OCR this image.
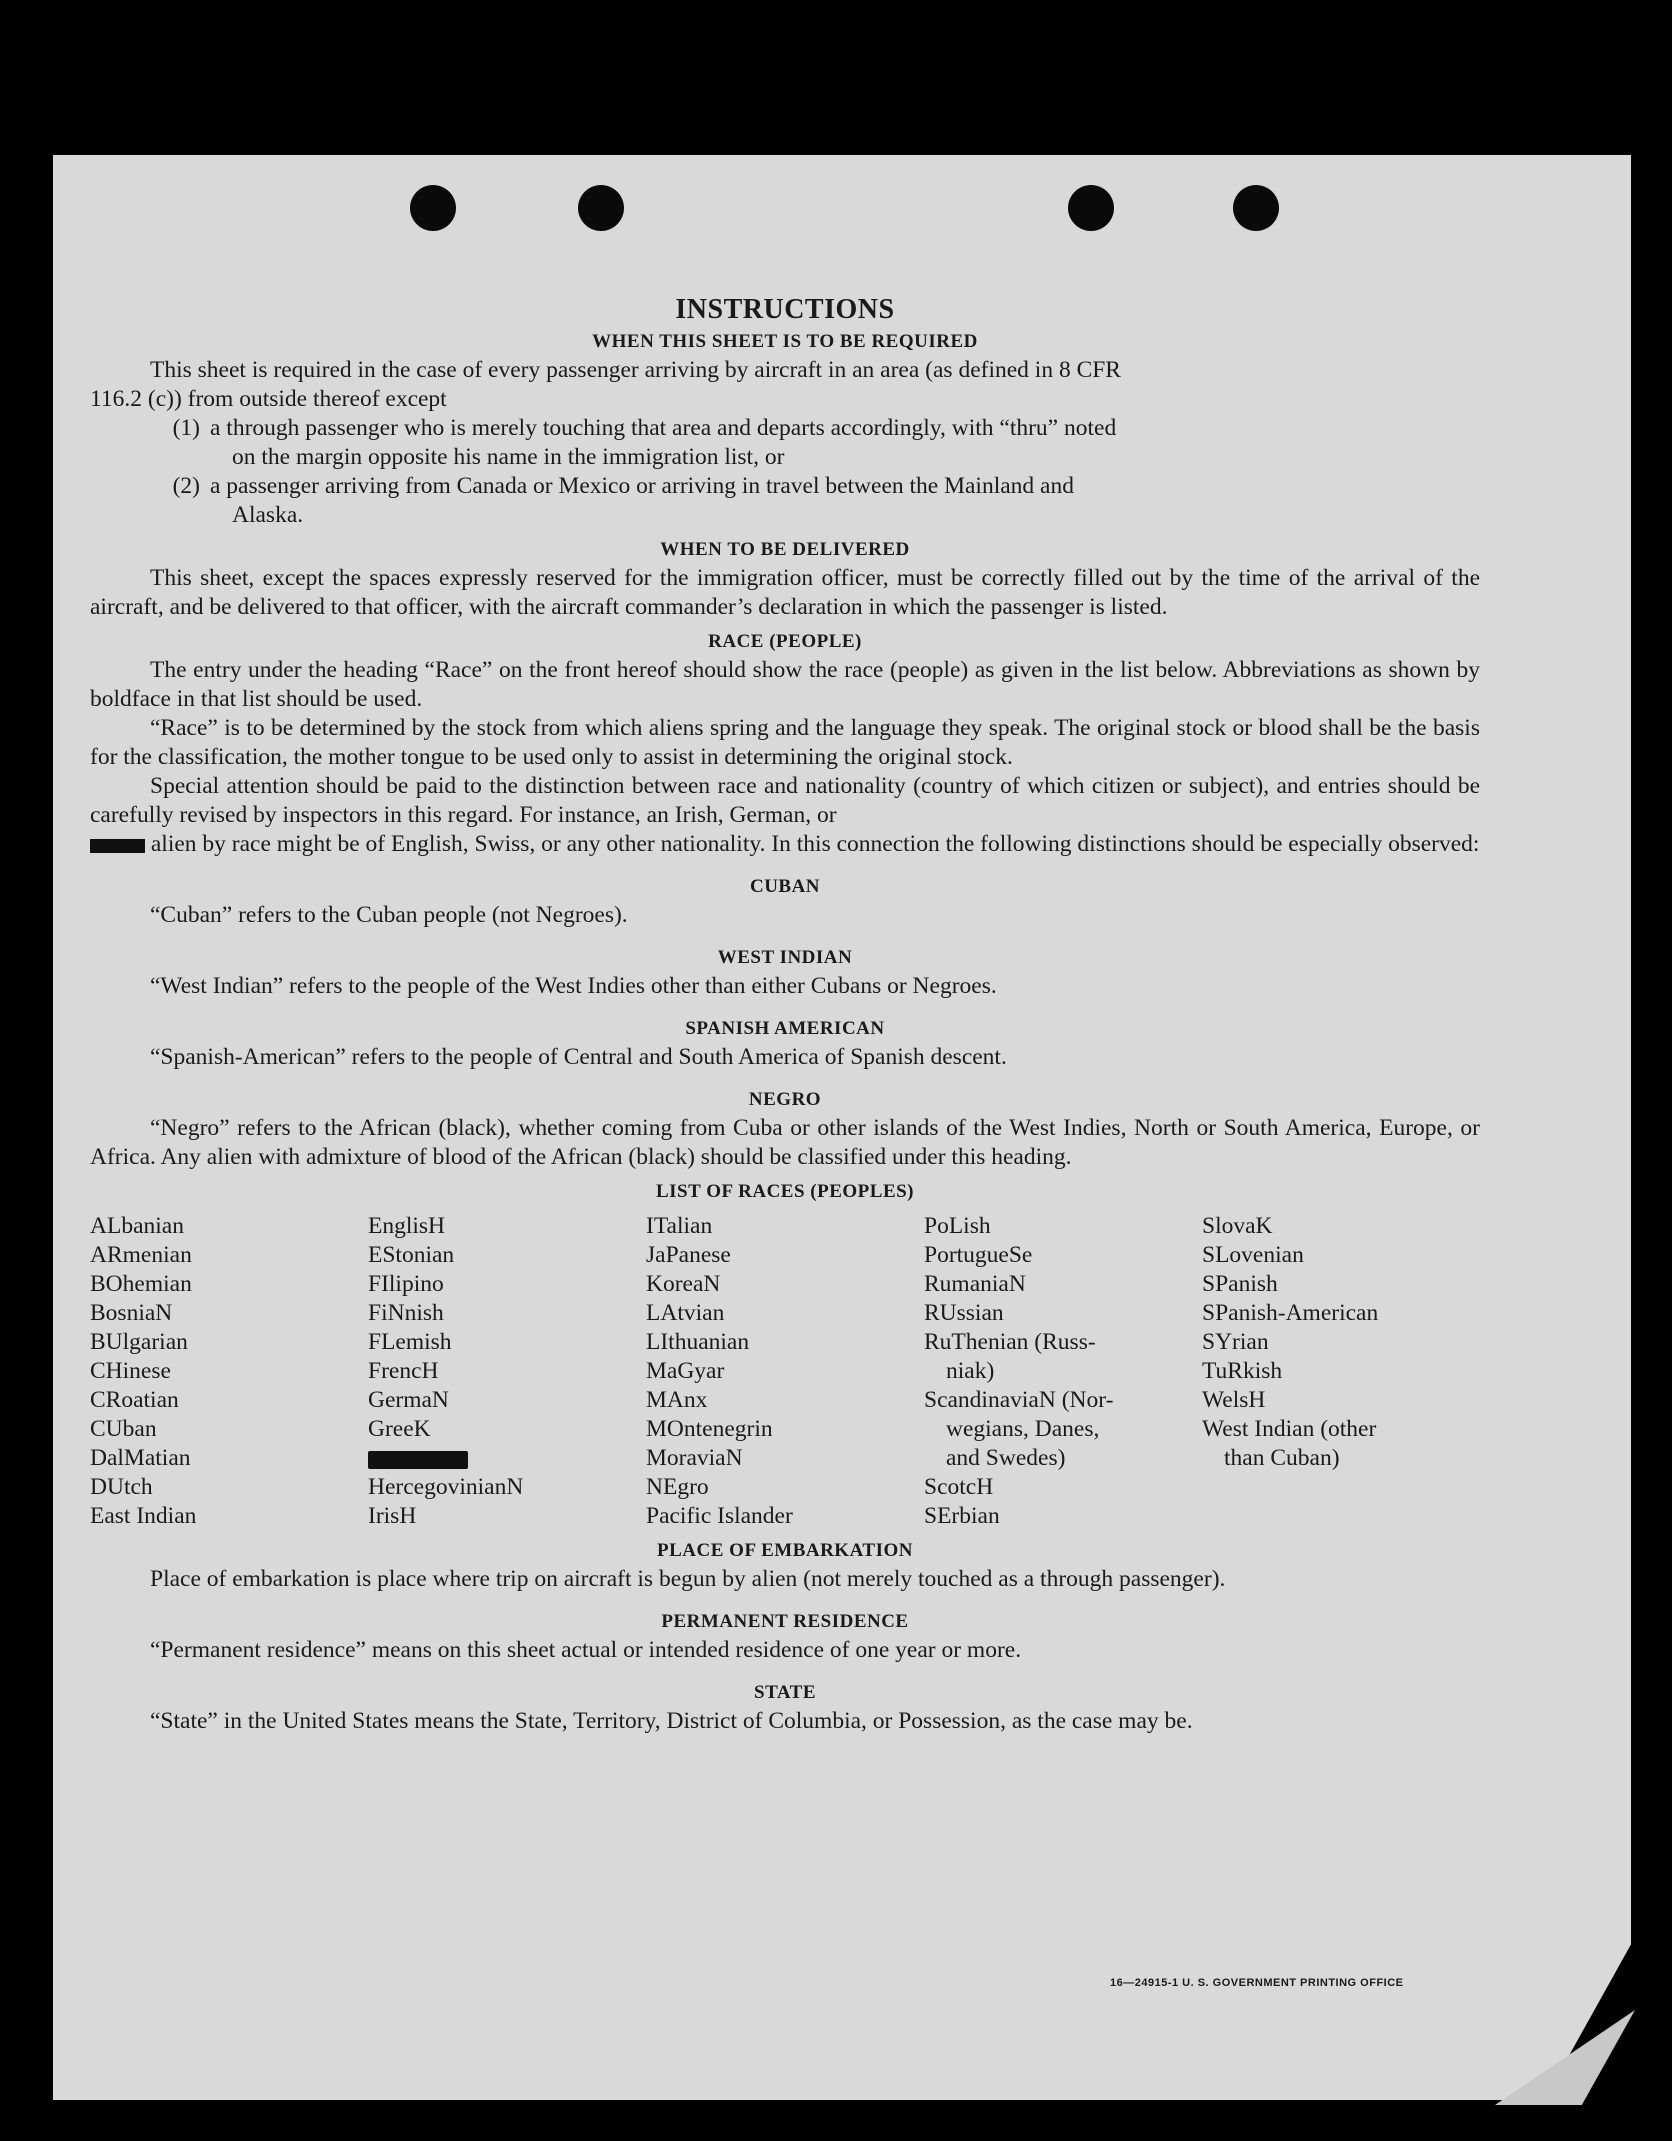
INSTRUCTIONS
WHEN THIS SHEET IS TO BE REQUIRED

This sheet is required in the case of every passenger arriving by aircraft in an area (as defined in 8 CFR

116.2 (c)) from outside thereof except

(1) a through passenger who is merely touching that area and departs accordingly, with “thru” noted
on the margin opposite his name in the immigration list, or
(2) a passenger arriving from Canada or Mexico or arriving in travel between the Mainland and
Alaska.
WHEN TO BE DELIVERED

This sheet, except the spaces expressly reserved for the immigration officer, must be correctly filled out by the time of the arrival of the aircraft, and be delivered to that officer, with the aircraft commander’s declaration in which the passenger is listed.

RACE (PEOPLE)

The entry under the heading “Race” on the front hereof should show the race (people) as given in the list below. Abbreviations as shown by boldface in that list should be used.

“Race” is to be determined by the stock from which aliens spring and the language they speak. The original stock or blood shall be the basis for the classification, the mother tongue to be used only to assist in determining the original stock.

Special attention should be paid to the distinction between race and nationality (country of which citizen or subject), and entries should be carefully revised by inspectors in this regard. For instance, an Irish, German, or

alien by race might be of English, Swiss, or any other nationality. In this connection the following distinctions should be especially observed:

CUBAN

“Cuban” refers to the Cuban people (not Negroes).

WEST INDIAN

“West Indian” refers to the people of the West Indies other than either Cubans or Negroes.

SPANISH AMERICAN

“Spanish-American” refers to the people of Central and South America of Spanish descent.

NEGRO

“Negro” refers to the African (black), whether coming from Cuba or other islands of the West Indies, North or South America, Europe, or Africa. Any alien with admixture of blood of the African (black) should be classified under this heading.

LIST OF RACES (PEOPLES)
ALbanian
ARmenian
BOhemian
BosniaN
BUlgarian
CHinese
CRoatian
CUban
DalMatian
DUtch
East Indian
EnglisH
EStonian
FIlipino
FiNnish
FLemish
FrencH
GermaN
GreeK
HercegovinianN
IrisH
ITalian
JaPanese
KoreaN
LAtvian
LIthuanian
MaGyar
MAnx
MOntenegrin
MoraviaN
NEgro
Pacific Islander
PoLish
PortugueSe
RumaniaN
RUssian
RuThenian (Russ-
niak)
ScandinaviaN (Nor-
wegians, Danes,
and Swedes)
ScotcH
SErbian
SlovaK
SLovenian
SPanish
SPanish-American
SYrian
TuRkish
WelsH
West Indian (other
than Cuban)
PLACE OF EMBARKATION

Place of embarkation is place where trip on aircraft is begun by alien (not merely touched as a through passenger).

PERMANENT RESIDENCE

“Permanent residence” means on this sheet actual or intended residence of one year or more.

STATE

“State” in the United States means the State, Territory, District of Columbia, or Possession, as the case may be.

16—24915-1 U. S. GOVERNMENT PRINTING OFFICE
